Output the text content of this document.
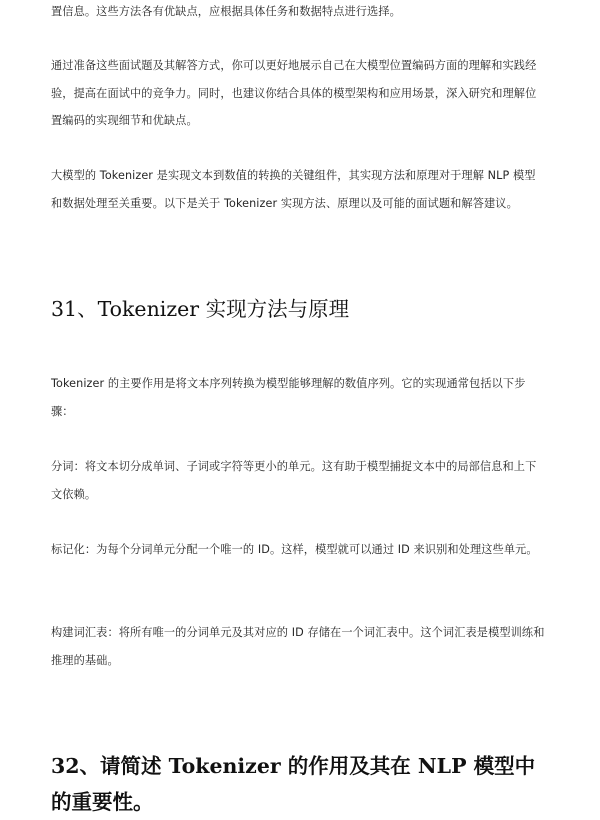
置信息。这些方法各有优缺点，应根据具体任务和数据特点进行选择。

通过准备这些面试题及其解答方式，你可以更好地展示自己在大模型位置编码方面的理解和实践经验，提高在面试中的竞争力。同时，也建议你结合具体的模型架构和应用场景，深入研究和理解位置编码的实现细节和优缺点。

大模型的 Tokenizer 是实现文本到数值的转换的关键组件，其实现方法和原理对于理解 NLP 模型和数据处理至关重要。以下是关于 Tokenizer 实现方法、原理以及可能的面试题和解答建议。

31、Tokenizer 实现方法与原理

Tokenizer 的主要作用是将文本序列转换为模型能够理解的数值序列。它的实现通常包括以下步骤：

分词：将文本切分成单词、子词或字符等更小的单元。这有助于模型捕捉文本中的局部信息和上下文依赖。

标记化：为每个分词单元分配一个唯一的 ID。这样，模型就可以通过 ID 来识别和处理这些单元。

构建词汇表：将所有唯一的分词单元及其对应的 ID 存储在一个词汇表中。这个词汇表是模型训练和推理的基础。

32、请简述 Tokenizer 的作用及其在 NLP 模型中的重要性。
